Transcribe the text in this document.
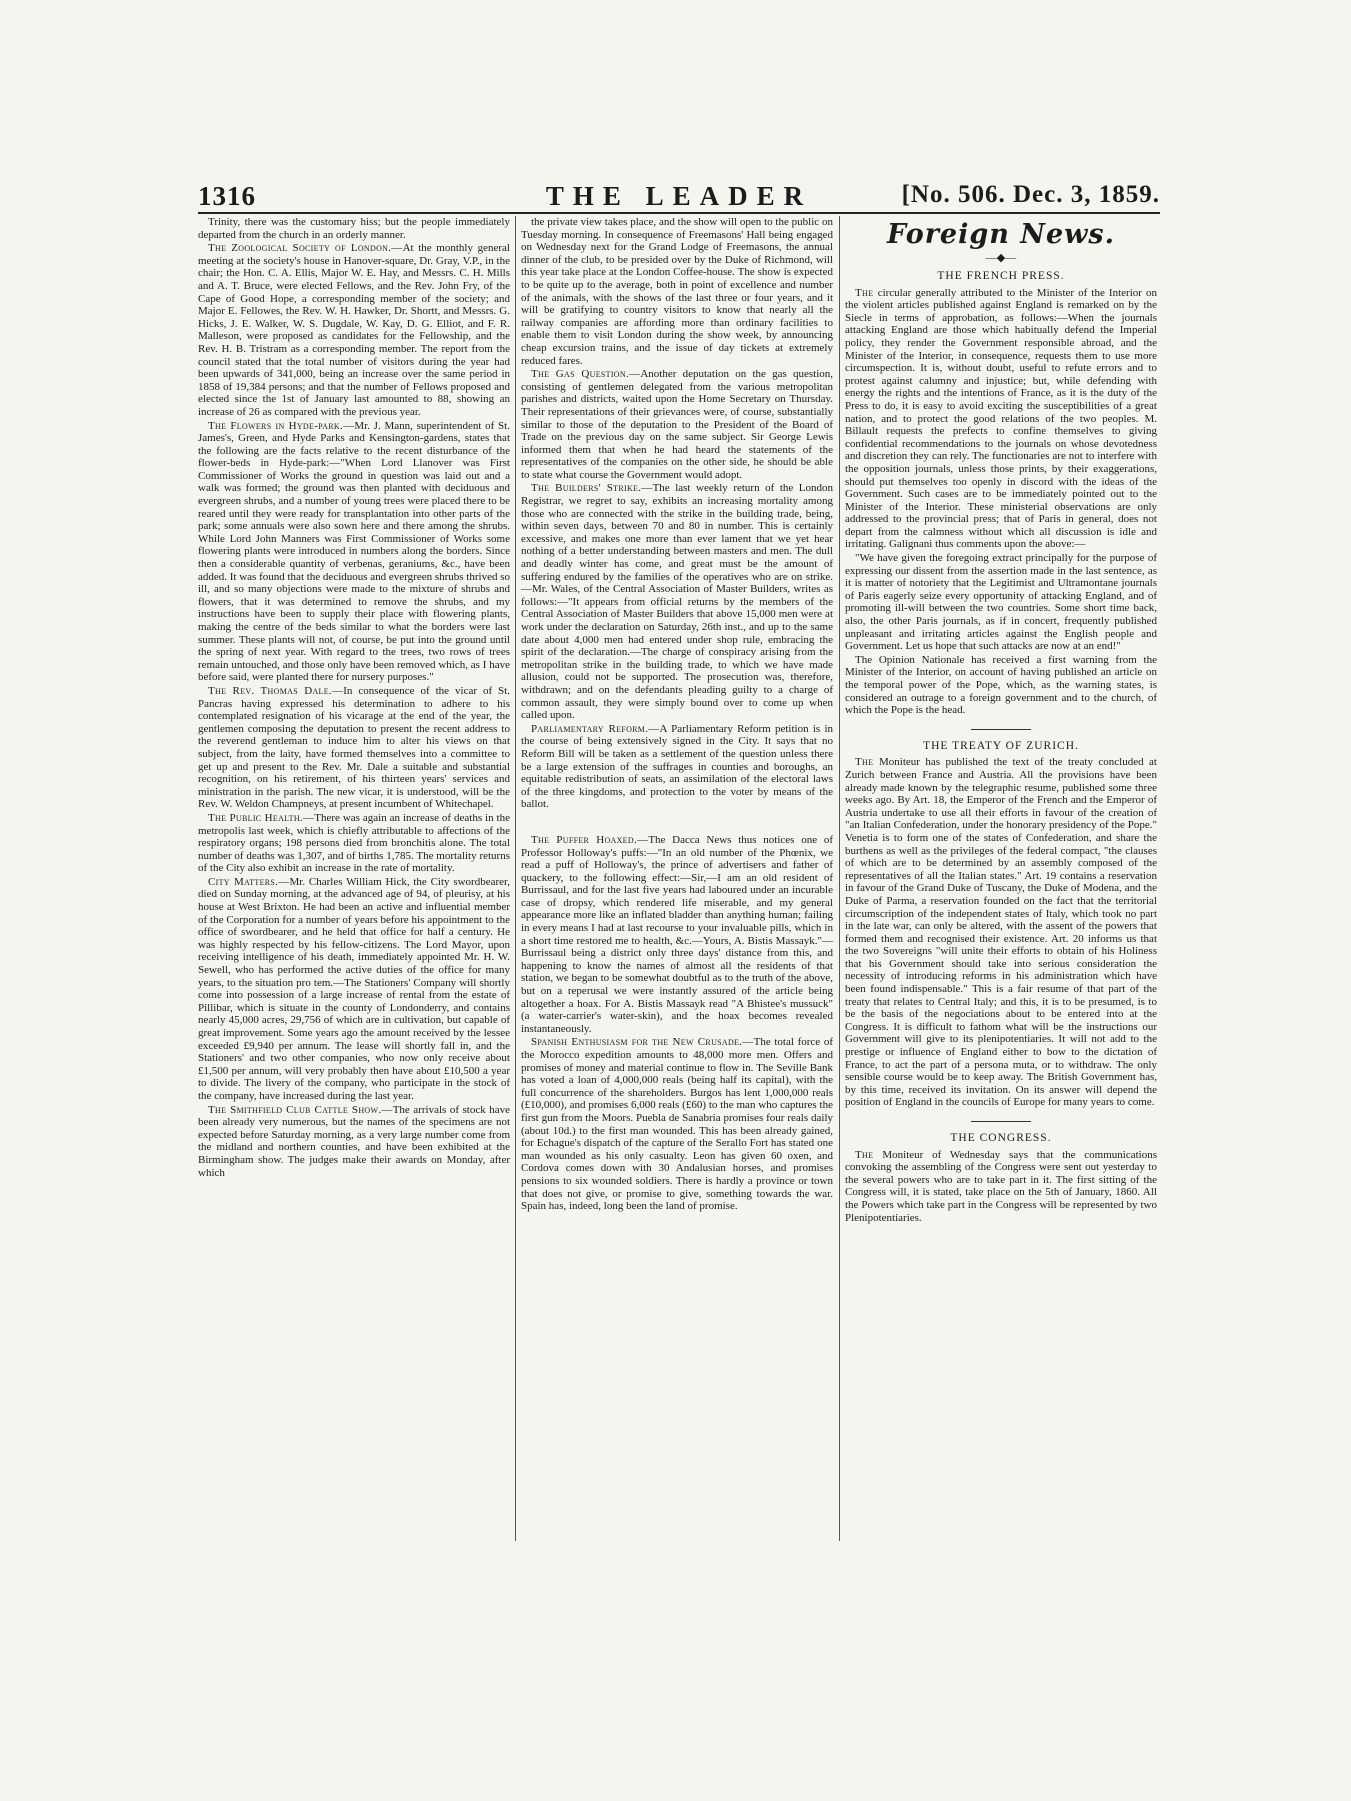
1316	THE LEADER	[No. 506. Dec. 3, 1859.

Trinity, there was the customary hiss; but the people immediately departed from the church in an orderly manner.

The Zoological Society of London.—At the monthly general meeting at the society's house in Hanover-square, Dr. Gray, V.P., in the chair; the Hon. C. A. Ellis, Major W. E. Hay, and Messrs. C. H. Mills and A. T. Bruce, were elected Fellows, and the Rev. John Fry, of the Cape of Good Hope, a corresponding member of the society; and Major E. Fellowes, the Rev. W. H. Hawker, Dr. Shortt, and Messrs. G. Hicks, J. E. Walker, W. S. Dugdale, W. Kay, D. G. Elliot, and F. R. Malleson, were proposed as candidates for the Fellowship, and the Rev. H. B. Tristram as a corresponding member. The report from the council stated that the total number of visitors during the year had been upwards of 341,000, being an increase over the same period in 1858 of 19,384 persons; and that the number of Fellows proposed and elected since the 1st of January last amounted to 88, showing an increase of 26 as compared with the previous year.

The Flowers in Hyde-park.—Mr. J. Mann, superintendent of St. James's, Green, and Hyde Parks and Kensington-gardens, states that the following are the facts relative to the recent disturbance of the flower-beds in Hyde-park:—"When Lord Llanover was First Commissioner of Works the ground in question was laid out and a walk was formed; the ground was then planted with deciduous and evergreen shrubs, and a number of young trees were placed there to be reared until they were ready for transplantation into other parts of the park; some annuals were also sown here and there among the shrubs. While Lord John Manners was First Commissioner of Works some flowering plants were introduced in numbers along the borders. Since then a considerable quantity of verbenas, geraniums, &c., have been added. It was found that the deciduous and evergreen shrubs thrived so ill, and so many objections were made to the mixture of shrubs and flowers, that it was determined to remove the shrubs, and my instructions have been to supply their place with flowering plants, making the centre of the beds similar to what the borders were last summer. These plants will not, of course, be put into the ground until the spring of next year. With regard to the trees, two rows of trees remain untouched, and those only have been removed which, as I have before said, were planted there for nursery purposes."

The Rev. Thomas Dale.—In consequence of the vicar of St. Pancras having expressed his determination to adhere to his contemplated resignation of his vicarage at the end of the year, the gentlemen composing the deputation to present the recent address to the reverend gentleman to induce him to alter his views on that subject, from the laity, have formed themselves into a committee to get up and present to the Rev. Mr. Dale a suitable and substantial recognition, on his retirement, of his thirteen years' services and ministration in the parish. The new vicar, it is understood, will be the Rev. W. Weldon Champneys, at present incumbent of Whitechapel.

The Public Health.—There was again an increase of deaths in the metropolis last week, which is chiefly attributable to affections of the respiratory organs; 198 persons died from bronchitis alone. The total number of deaths was 1,307, and of births 1,785. The mortality returns of the City also exhibit an increase in the rate of mortality.

City Matters.—Mr. Charles William Hick, the City swordbearer, died on Sunday morning, at the advanced age of 94, of pleurisy, at his house at West Brixton. He had been an active and influential member of the Corporation for a number of years before his appointment to the office of swordbearer, and he held that office for half a century. He was highly respected by his fellow-citizens. The Lord Mayor, upon receiving intelligence of his death, immediately appointed Mr. H. W. Sewell, who has performed the active duties of the office for many years, to the situation pro tem.—The Stationers' Company will shortly come into possession of a large increase of rental from the estate of Pillibar, which is situate in the county of Londonderry, and contains nearly 45,000 acres, 29,756 of which are in cultivation, but capable of great improvement. Some years ago the amount received by the lessee exceeded £9,940 per annum. The lease will shortly fall in, and the Stationers' and two other companies, who now only receive about £1,500 per annum, will very probably then have about £10,500 a year to divide. The livery of the company, who participate in the stock of the company, have increased during the last year.

The Smithfield Club Cattle Show.—The arrivals of stock have been already very numerous, but the names of the specimens are not expected before Saturday morning, as a very large number come from the midland and northern counties, and have been exhibited at the Birmingham show. The judges make their awards on Monday, after which

the private view takes place, and the show will open to the public on Tuesday morning. In consequence of Freemasons' Hall being engaged on Wednesday next for the Grand Lodge of Freemasons, the annual dinner of the club, to be presided over by the Duke of Richmond, will this year take place at the London Coffee-house. The show is expected to be quite up to the average, both in point of excellence and number of the animals, with the shows of the last three or four years, and it will be gratifying to country visitors to know that nearly all the railway companies are affording more than ordinary facilities to enable them to visit London during the show week, by announcing cheap excursion trains, and the issue of day tickets at extremely reduced fares.

The Gas Question.—Another deputation on the gas question, consisting of gentlemen delegated from the various metropolitan parishes and districts, waited upon the Home Secretary on Thursday. Their representations of their grievances were, of course, substantially similar to those of the deputation to the President of the Board of Trade on the previous day on the same subject. Sir George Lewis informed them that when he had heard the statements of the representatives of the companies on the other side, he should be able to state what course the Government would adopt.

The Builders' Strike.—The last weekly return of the London Registrar, we regret to say, exhibits an increasing mortality among those who are connected with the strike in the building trade, being, within seven days, between 70 and 80 in number. This is certainly excessive, and makes one more than ever lament that we yet hear nothing of a better understanding between masters and men. The dull and deadly winter has come, and great must be the amount of suffering endured by the families of the operatives who are on strike.—Mr. Wales, of the Central Association of Master Builders, writes as follows:—"It appears from official returns by the members of the Central Association of Master Builders that above 15,000 men were at work under the declaration on Saturday, 26th inst., and up to the same date about 4,000 men had entered under shop rule, embracing the spirit of the declaration.—The charge of conspiracy arising from the metropolitan strike in the building trade, to which we have made allusion, could not be supported. The prosecution was, therefore, withdrawn; and on the defendants pleading guilty to a charge of common assault, they were simply bound over to come up when called upon.

Parliamentary Reform.—A Parliamentary Reform petition is in the course of being extensively signed in the City. It says that no Reform Bill will be taken as a settlement of the question unless there be a large extension of the suffrages in counties and boroughs, an equitable redistribution of seats, an assimilation of the electoral laws of the three kingdoms, and protection to the voter by means of the ballot.

The Puffer Hoaxed.—The Dacca News thus notices one of Professor Holloway's puffs:—"In an old number of the Phœnix, we read a puff of Holloway's, the prince of advertisers and father of quackery, to the following effect:—Sir,—I am an old resident of Burrissaul, and for the last five years had laboured under an incurable case of dropsy, which rendered life miserable, and my general appearance more like an inflated bladder than anything human; failing in every means I had at last recourse to your invaluable pills, which in a short time restored me to health, &c.—Yours, A. Bistis Massayk."—Burrissaul being a district only three days' distance from this, and happening to know the names of almost all the residents of that station, we began to be somewhat doubtful as to the truth of the above, but on a reperusal we were instantly assured of the article being altogether a hoax. For A. Bistis Massayk read "A Bhistee's mussuck" (a water-carrier's water-skin), and the hoax becomes revealed instantaneously.

Spanish Enthusiasm for the New Crusade.—The total force of the Morocco expedition amounts to 48,000 more men. Offers and promises of money and material continue to flow in. The Seville Bank has voted a loan of 4,000,000 reals (being half its capital), with the full concurrence of the shareholders. Burgos has lent 1,000,000 reals (£10,000), and promises 6,000 reals (£60) to the man who captures the first gun from the Moors. Puebla de Sanabria promises four reals daily (about 10d.) to the first man wounded. This has been already gained, for Echague's dispatch of the capture of the Serallo Fort has stated one man wounded as his only casualty. Leon has given 60 oxen, and Cordova comes down with 30 Andalusian horses, and promises pensions to six wounded soldiers. There is hardly a province or town that does not give, or promise to give, something towards the war. Spain has, indeed, long been the land of promise.

Foreign News.
—◆—
THE FRENCH PRESS.

The circular generally attributed to the Minister of the Interior on the violent articles published against England is remarked on by the Siecle in terms of approbation, as follows:—When the journals attacking England are those which habitually defend the Imperial policy, they render the Government responsible abroad, and the Minister of the Interior, in consequence, requests them to use more circumspection. It is, without doubt, useful to refute errors and to protest against calumny and injustice; but, while defending with energy the rights and the intentions of France, as it is the duty of the Press to do, it is easy to avoid exciting the susceptibilities of a great nation, and to protect the good relations of the two peoples. M. Billault requests the prefects to confine themselves to giving confidential recommendations to the journals on whose devotedness and discretion they can rely. The functionaries are not to interfere with the opposition journals, unless those prints, by their exaggerations, should put themselves too openly in discord with the ideas of the Government. Such cases are to be immediately pointed out to the Minister of the Interior. These ministerial observations are only addressed to the provincial press; that of Paris in general, does not depart from the calmness without which all discussion is idle and irritating. Galignani thus comments upon the above:—

"We have given the foregoing extract principally for the purpose of expressing our dissent from the assertion made in the last sentence, as it is matter of notoriety that the Legitimist and Ultramontane journals of Paris eagerly seize every opportunity of attacking England, and of promoting ill-will between the two countries. Some short time back, also, the other Paris journals, as if in concert, frequently published unpleasant and irritating articles against the English people and Government. Let us hope that such attacks are now at an end!"

The Opinion Nationale has received a first warning from the Minister of the Interior, on account of having published an article on the temporal power of the Pope, which, as the warning states, is considered an outrage to a foreign government and to the church, of which the Pope is the head.

THE TREATY OF ZURICH.

The Moniteur has published the text of the treaty concluded at Zurich between France and Austria. All the provisions have been already made known by the telegraphic resume, published some three weeks ago. By Art. 18, the Emperor of the French and the Emperor of Austria undertake to use all their efforts in favour of the creation of "an Italian Confederation, under the honorary presidency of the Pope." Venetia is to form one of the states of Confederation, and share the burthens as well as the privileges of the federal compact, "the clauses of which are to be determined by an assembly composed of the representatives of all the Italian states." Art. 19 contains a reservation in favour of the Grand Duke of Tuscany, the Duke of Modena, and the Duke of Parma, a reservation founded on the fact that the territorial circumscription of the independent states of Italy, which took no part in the late war, can only be altered, with the assent of the powers that formed them and recognised their existence. Art. 20 informs us that the two Sovereigns "will unite their efforts to obtain of his Holiness that his Government should take into serious consideration the necessity of introducing reforms in his administration which have been found indispensable." This is a fair resume of that part of the treaty that relates to Central Italy; and this, it is to be presumed, is to be the basis of the negociations about to be entered into at the Congress. It is difficult to fathom what will be the instructions our Government will give to its plenipotentiaries. It will not add to the prestige or influence of England either to bow to the dictation of France, to act the part of a persona muta, or to withdraw. The only sensible course would be to keep away. The British Government has, by this time, received its invitation. On its answer will depend the position of England in the councils of Europe for many years to come.

THE CONGRESS.

The Moniteur of Wednesday says that the communications convoking the assembling of the Congress were sent out yesterday to the several powers who are to take part in it. The first sitting of the Congress will, it is stated, take place on the 5th of January, 1860. All the Powers which take part in the Congress will be represented by two Plenipotentiaries.
